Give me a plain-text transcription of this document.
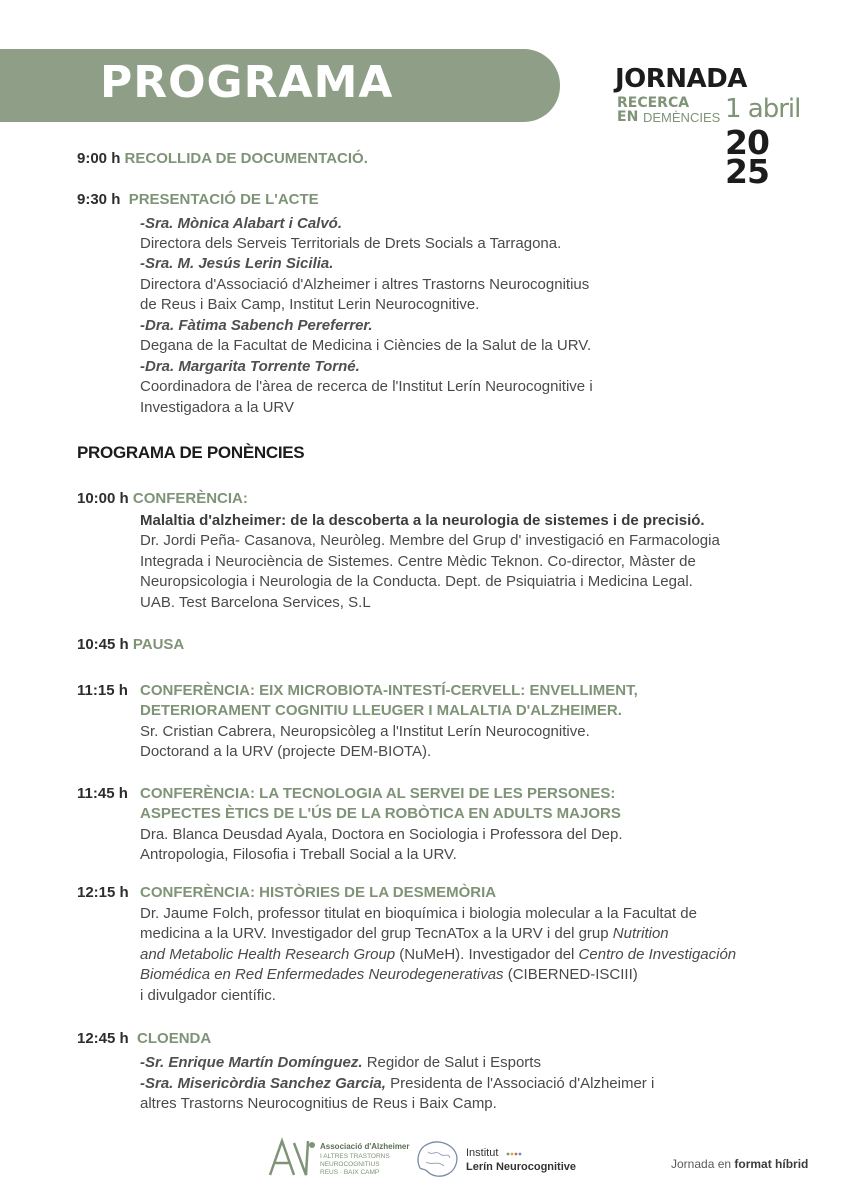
PROGRAMA	JORNADA
RECERCA
EN DEMÈNCIES 1 abril
20
25
9:00 h RECOLLIDA DE DOCUMENTACIÓ.
9:30 h PRESENTACIÓ DE L'ACTE
-Sra. Mònica Alabart i Calvó.
Directora dels Serveis Territorials de Drets Socials a Tarragona.
-Sra. M. Jesús Lerin Sicilia.
Directora d'Associació d'Alzheimer i altres Trastorns Neurocognitius
de Reus i Baix Camp, Institut Lerin Neurocognitive.
-Dra. Fàtima Sabench Pereferrer.
Degana de la Facultat de Medicina i Ciències de la Salut de la URV.
-Dra. Margarita Torrente Torné.
Coordinadora de l'àrea de recerca de l'Institut Lerín Neurocognitive i
Investigadora a la URV
PROGRAMA DE PONÈNCIES
10:00 h CONFERÈNCIA:
Malaltia d'alzheimer: de la descoberta a la neurologia de sistemes i de precisió.
Dr. Jordi Peña- Casanova, Neuròleg. Membre del Grup d' investigació en Farmacologia
Integrada i Neurociència de Sistemes. Centre Mèdic Teknon. Co-director, Màster de
Neuropsicologia i Neurologia de la Conducta. Dept. de Psiquiatria i Medicina Legal.
UAB. Test Barcelona Services, S.L
10:45 h PAUSA
11:15 h CONFERÈNCIA: EIX MICROBIOTA-INTESTÍ-CERVELL: ENVELLIMENT,
DETERIORAMENT COGNITIU LLEUGER I MALALTIA D'ALZHEIMER.
Sr. Cristian Cabrera, Neuropsicòleg a l'Institut Lerín Neurocognitive.
Doctorand a la URV (projecte DEM-BIOTA).
11:45 h CONFERÈNCIA: LA TECNOLOGIA AL SERVEI DE LES PERSONES:
ASPECTES ÈTICS DE L'ÚS DE LA ROBÒTICA EN ADULTS MAJORS
Dra. Blanca Deusdad Ayala, Doctora en Sociologia i Professora del Dep.
Antropologia, Filosofia i Treball Social a la URV.
12:15 h CONFERÈNCIA: HISTÒRIES DE LA DESMEMÒRIA
Dr. Jaume Folch, professor titulat en bioquímica i biologia molecular a la Facultat de
medicina a la URV. Investigador del grup TecnATox a la URV i del grup Nutrition
and Metabolic Health Research Group (NuMeH). Investigador del Centro de Investigación
Biomédica en Red Enfermedades Neurodegenerativas (CIBERNED-ISCIII)
i divulgador científic.
12:45 h CLOENDA
-Sr. Enrique Martín Domínguez. Regidor de Salut i Esports
-Sra. Misericòrdia Sanchez Garcia, Presidenta de l'Associació d'Alzheimer i
altres Trastorns Neurocognitius de Reus i Baix Camp.
Associació d'Alzheimer
I ALTRES TRASTORNS
NEUROCOGNITIUS
REUS · BAIX CAMP
Institut
Lerín Neurocognitive	Jornada en format híbrid
